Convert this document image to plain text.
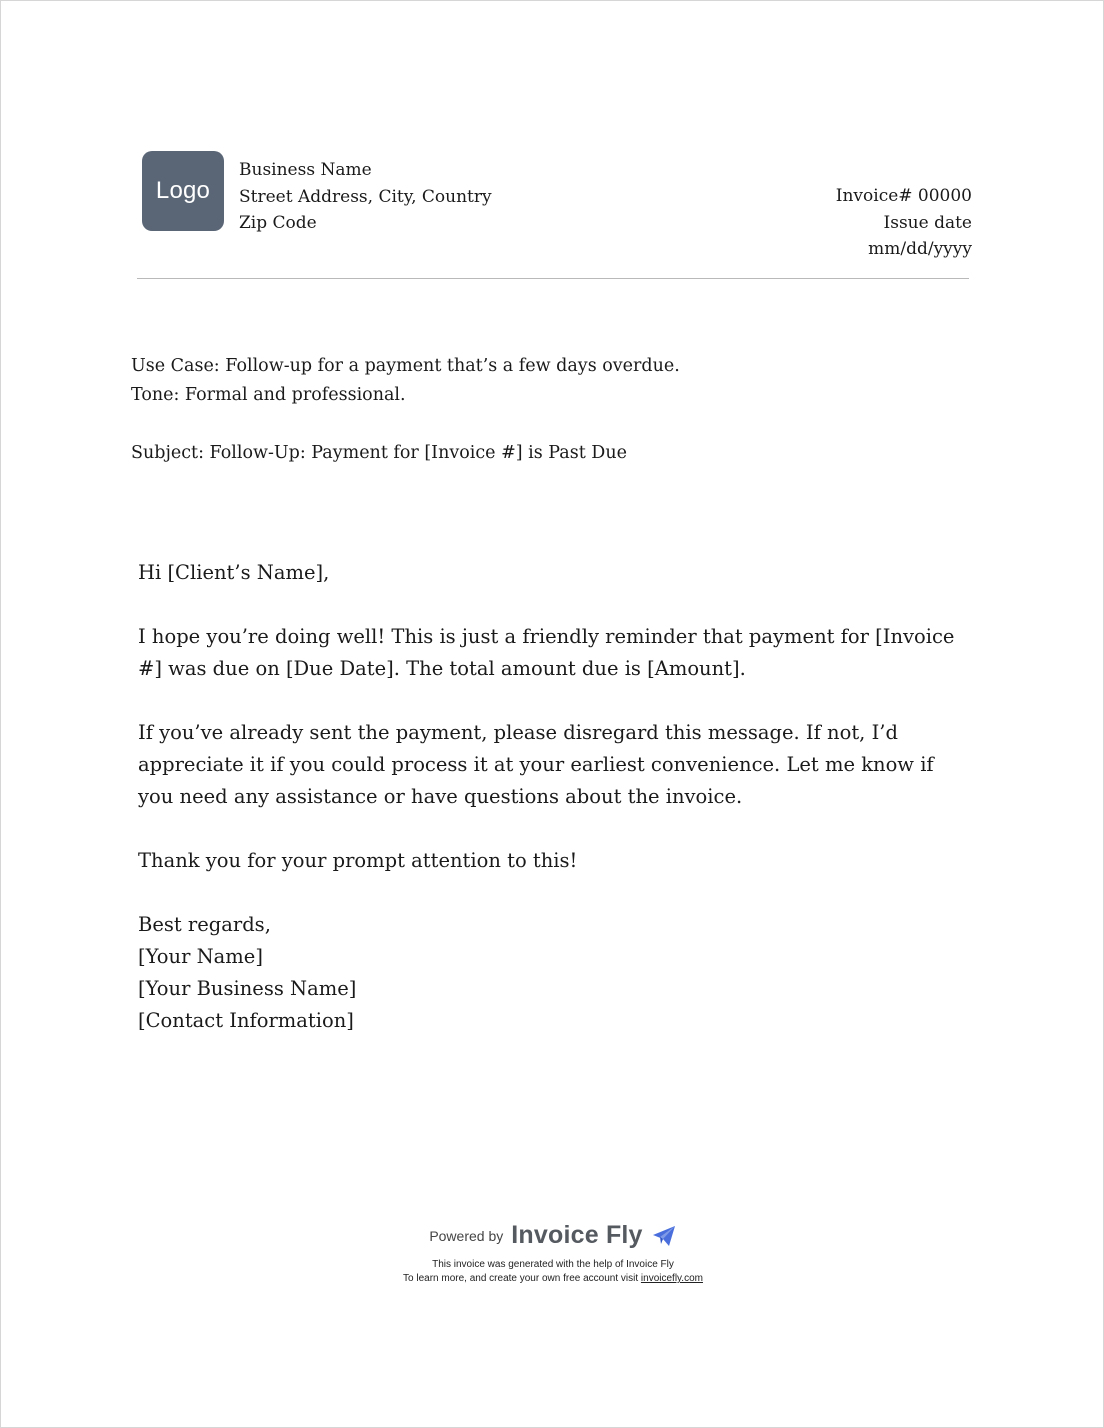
Logo
Business Name
Street Address, City, Country
Zip Code
Invoice# 00000
Issue date
mm/dd/yyyy
Use Case: Follow-up for a payment that’s a few days overdue.
Tone: Formal and professional.
Subject: Follow-Up: Payment for [Invoice #] is Past Due

Hi [Client’s Name],

I hope you’re doing well! This is just a friendly reminder that payment for [Invoice #] was due on [Due Date]. The total amount due is [Amount].

If you’ve already sent the payment, please disregard this message. If not, I’d appreciate it if you could process it at your earliest convenience. Let me know if you need any assistance or have questions about the invoice.

Thank you for your prompt attention to this!

Best regards,

[Your Name]

[Your Business Name]

[Contact Information]

Powered by Invoice Fly
This invoice was generated with the help of Invoice Fly
To learn more, and create your own free account visit invoicefly.com
